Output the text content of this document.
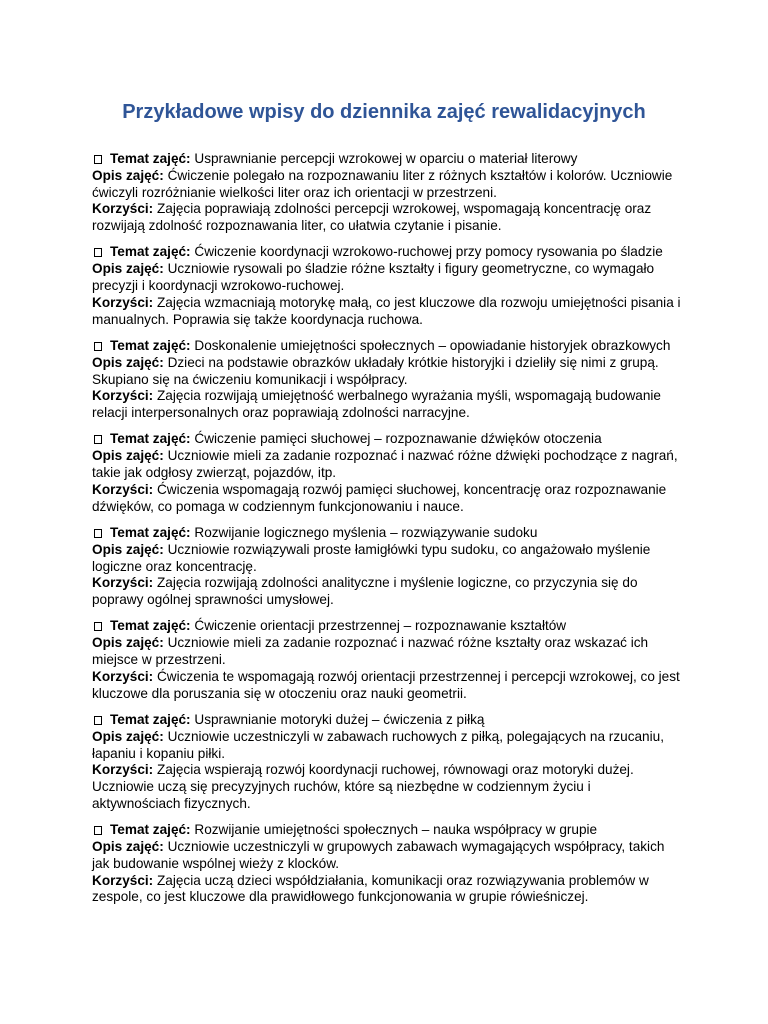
Przykładowe wpisy do dziennika zajęć rewalidacyjnych

Temat zajęć: Usprawnianie percepcji wzrokowej w oparciu o materiał literowy

Opis zajęć: Ćwiczenie polegało na rozpoznawaniu liter z różnych kształtów i kolorów. Uczniowie ćwiczyli rozróżnianie wielkości liter oraz ich orientacji w przestrzeni.

Korzyści: Zajęcia poprawiają zdolności percepcji wzrokowej, wspomagają koncentrację oraz rozwijają zdolność rozpoznawania liter, co ułatwia czytanie i pisanie.

Temat zajęć: Ćwiczenie koordynacji wzrokowo-ruchowej przy pomocy rysowania po śladzie

Opis zajęć: Uczniowie rysowali po śladzie różne kształty i figury geometryczne, co wymagało precyzji i koordynacji wzrokowo-ruchowej.

Korzyści: Zajęcia wzmacniają motorykę małą, co jest kluczowe dla rozwoju umiejętności pisania i manualnych. Poprawia się także koordynacja ruchowa.

Temat zajęć: Doskonalenie umiejętności społecznych – opowiadanie historyjek obrazkowych

Opis zajęć: Dzieci na podstawie obrazków układały krótkie historyjki i dzieliły się nimi z grupą. Skupiano się na ćwiczeniu komunikacji i współpracy.

Korzyści: Zajęcia rozwijają umiejętność werbalnego wyrażania myśli, wspomagają budowanie relacji interpersonalnych oraz poprawiają zdolności narracyjne.

Temat zajęć: Ćwiczenie pamięci słuchowej – rozpoznawanie dźwięków otoczenia

Opis zajęć: Uczniowie mieli za zadanie rozpoznać i nazwać różne dźwięki pochodzące z nagrań, takie jak odgłosy zwierząt, pojazdów, itp.

Korzyści: Ćwiczenia wspomagają rozwój pamięci słuchowej, koncentrację oraz rozpoznawanie dźwięków, co pomaga w codziennym funkcjonowaniu i nauce.

Temat zajęć: Rozwijanie logicznego myślenia – rozwiązywanie sudoku

Opis zajęć: Uczniowie rozwiązywali proste łamigłówki typu sudoku, co angażowało myślenie logiczne oraz koncentrację.

Korzyści: Zajęcia rozwijają zdolności analityczne i myślenie logiczne, co przyczynia się do poprawy ogólnej sprawności umysłowej.

Temat zajęć: Ćwiczenie orientacji przestrzennej – rozpoznawanie kształtów

Opis zajęć: Uczniowie mieli za zadanie rozpoznać i nazwać różne kształty oraz wskazać ich miejsce w przestrzeni.

Korzyści: Ćwiczenia te wspomagają rozwój orientacji przestrzennej i percepcji wzrokowej, co jest kluczowe dla poruszania się w otoczeniu oraz nauki geometrii.

Temat zajęć: Usprawnianie motoryki dużej – ćwiczenia z piłką

Opis zajęć: Uczniowie uczestniczyli w zabawach ruchowych z piłką, polegających na rzucaniu, łapaniu i kopaniu piłki.

Korzyści: Zajęcia wspierają rozwój koordynacji ruchowej, równowagi oraz motoryki dużej. Uczniowie uczą się precyzyjnych ruchów, które są niezbędne w codziennym życiu i aktywnościach fizycznych.

Temat zajęć: Rozwijanie umiejętności społecznych – nauka współpracy w grupie

Opis zajęć: Uczniowie uczestniczyli w grupowych zabawach wymagających współpracy, takich jak budowanie wspólnej wieży z klocków.

Korzyści: Zajęcia uczą dzieci współdziałania, komunikacji oraz rozwiązywania problemów w zespole, co jest kluczowe dla prawidłowego funkcjonowania w grupie rówieśniczej.
